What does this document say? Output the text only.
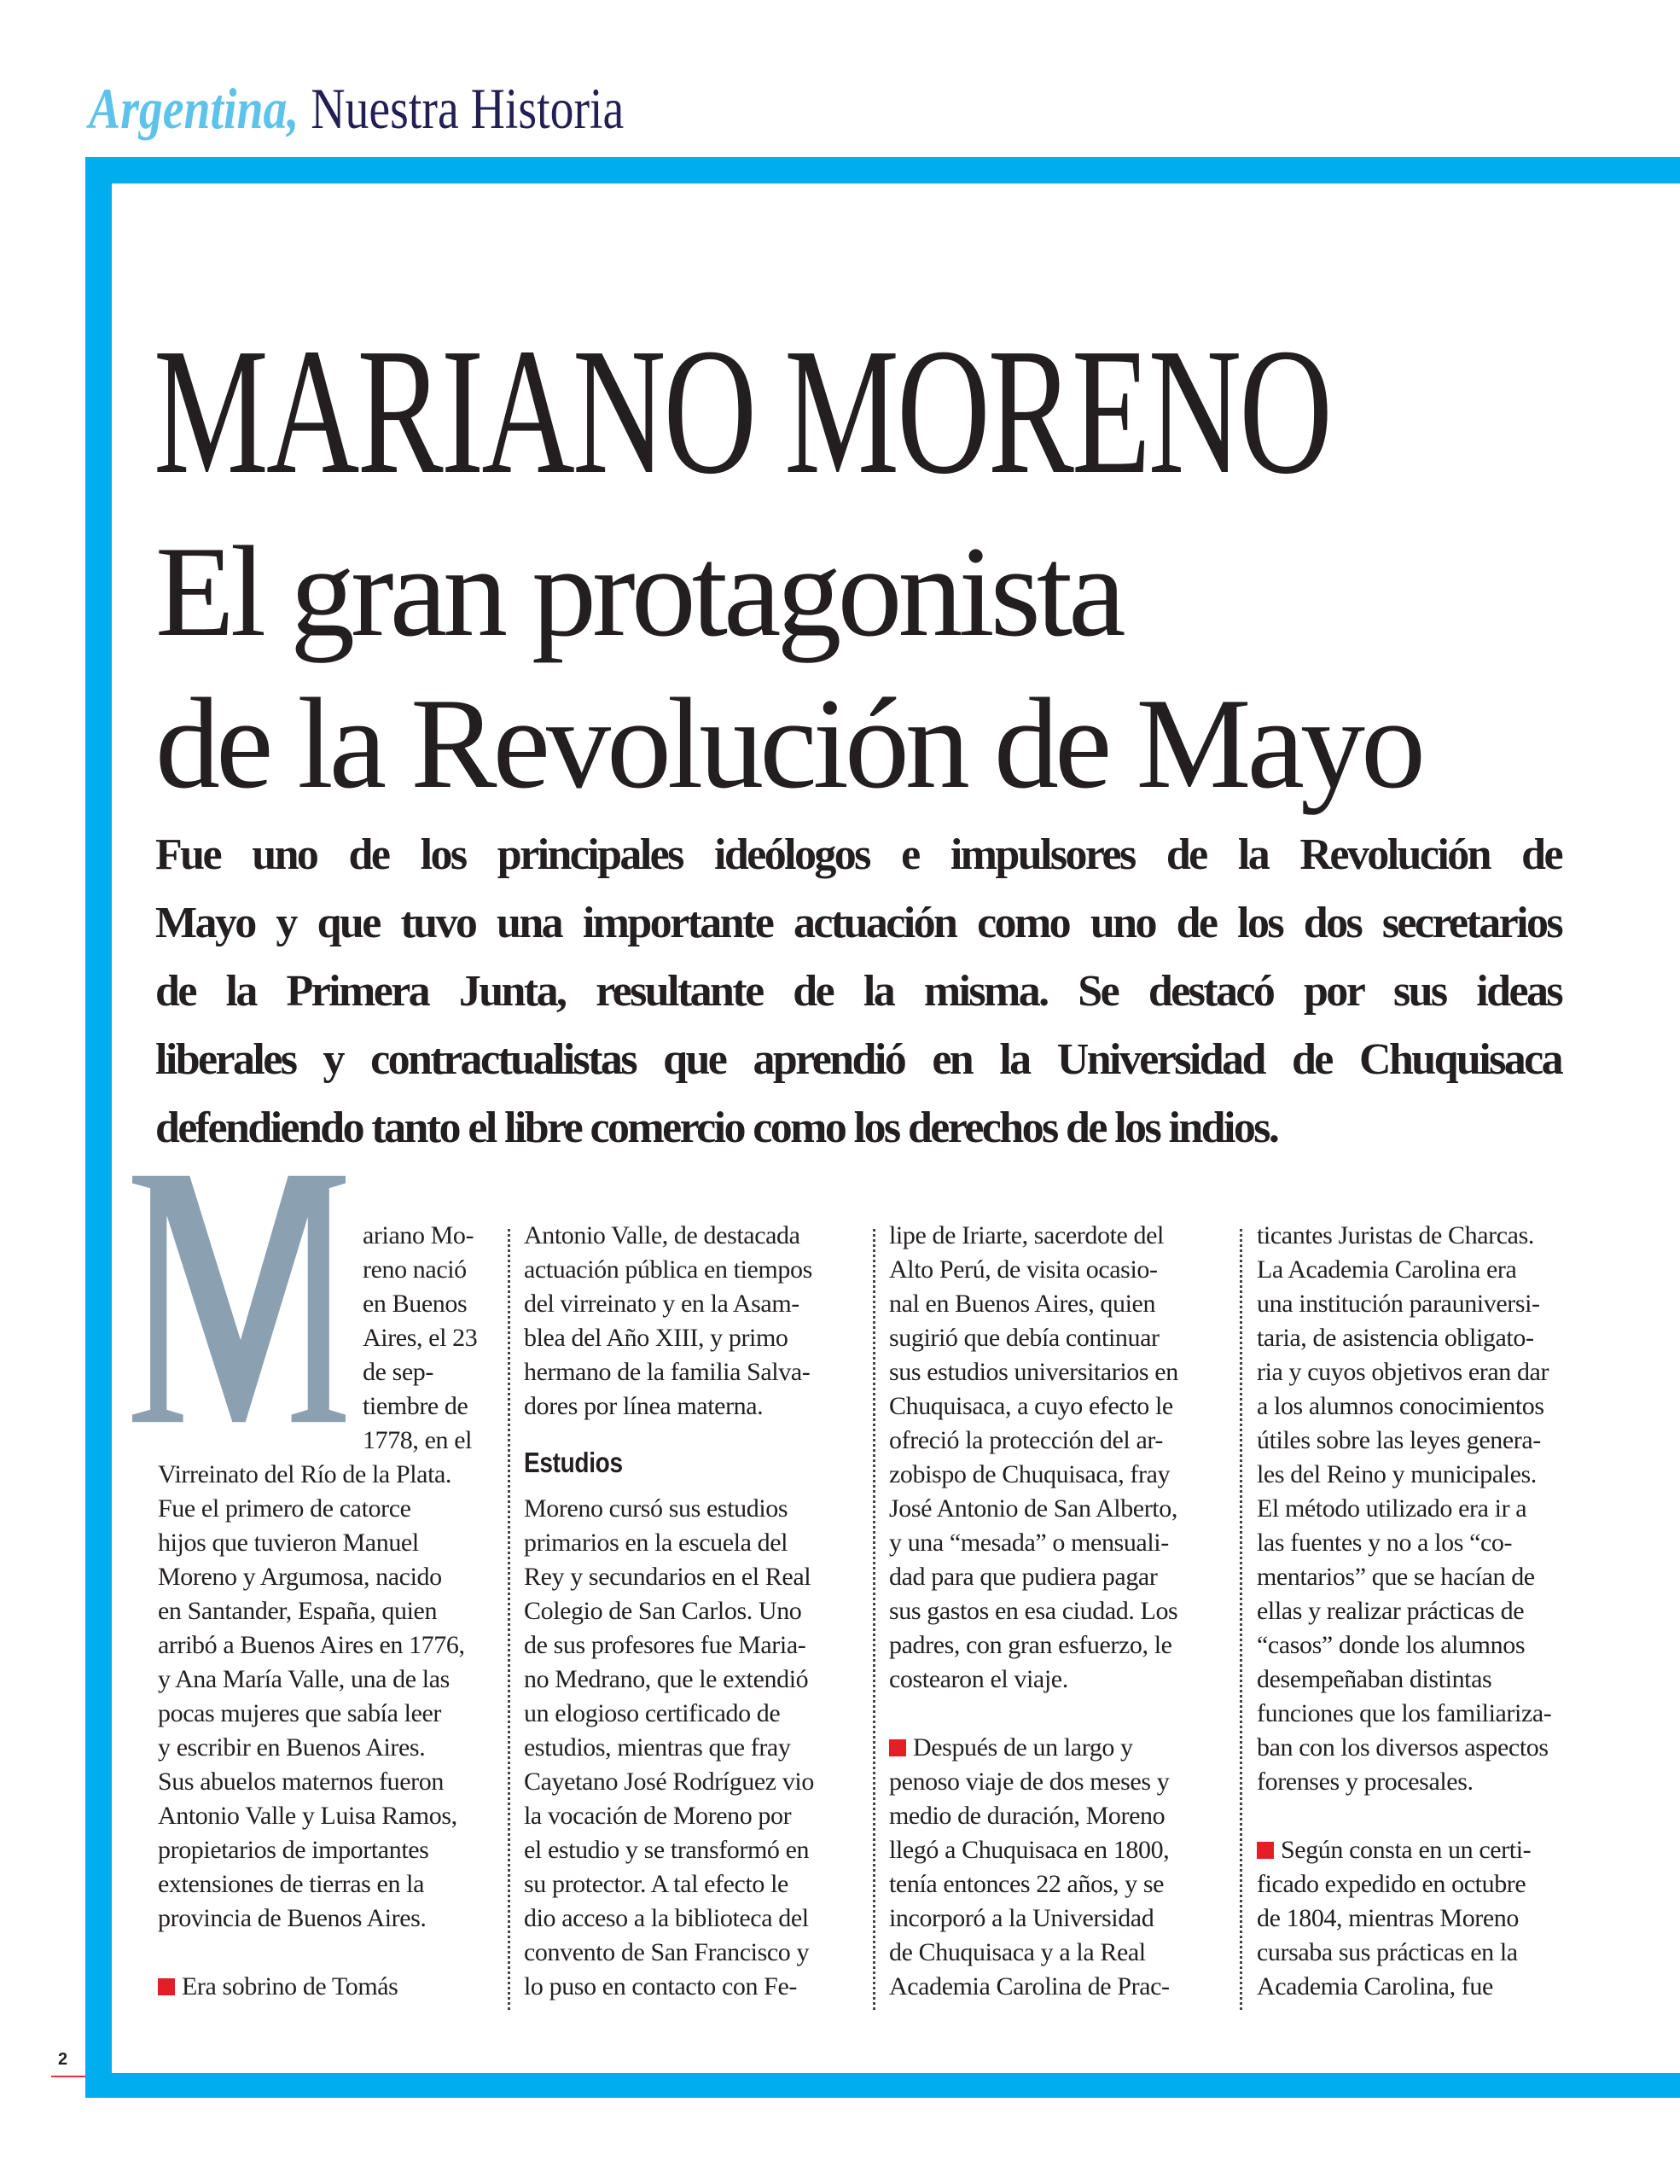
Argentina, Nuestra Historia
2
MARIANO MORENO
El gran protagonista
de la Revolución de Mayo
Fue uno de los principales ideólogos e impulsores de la Revolución de
Mayo y que tuvo una importante actuación como uno de los dos secretarios
de la Primera Junta, resultante de la misma. Se destacó por sus ideas
liberales y contractualistas que aprendió en la Universidad de Chuquisaca
defendiendo tanto el libre comercio como los derechos de los indios.
ariano Mo-
reno nació
en Buenos
Aires, el 23
de sep-
tiembre de
1778, en el
Virreinato del Río de la Plata.
Fue el primero de catorce
hijos que tuvieron Manuel
Moreno y Argumosa, nacido
en Santander, España, quien
arribó a Buenos Aires en 1776,
y Ana María Valle, una de las
pocas mujeres que sabía leer
y escribir en Buenos Aires.
Sus abuelos maternos fueron
Antonio Valle y Luisa Ramos,
propietarios de importantes
extensiones de tierras en la
provincia de Buenos Aires.
Era sobrino de Tomás
Antonio Valle, de destacada
actuación pública en tiempos
del virreinato y en la Asam-
blea del Año XIII, y primo
hermano de la familia Salva-
dores por línea materna.
Estudios
Moreno cursó sus estudios
primarios en la escuela del
Rey y secundarios en el Real
Colegio de San Carlos. Uno
de sus profesores fue Maria-
no Medrano, que le extendió
un elogioso certificado de
estudios, mientras que fray
Cayetano José Rodríguez vio
la vocación de Moreno por
el estudio y se transformó en
su protector. A tal efecto le
dio acceso a la biblioteca del
convento de San Francisco y
lo puso en contacto con Fe-
lipe de Iriarte, sacerdote del
Alto Perú, de visita ocasio-
nal en Buenos Aires, quien
sugirió que debía continuar
sus estudios universitarios en
Chuquisaca, a cuyo efecto le
ofreció la protección del ar-
zobispo de Chuquisaca, fray
José Antonio de San Alberto,
y una “mesada” o mensuali-
dad para que pudiera pagar
sus gastos en esa ciudad. Los
padres, con gran esfuerzo, le
costearon el viaje.
Después de un largo y
penoso viaje de dos meses y
medio de duración, Moreno
llegó a Chuquisaca en 1800,
tenía entonces 22 años, y se
incorporó a la Universidad
de Chuquisaca y a la Real
Academia Carolina de Prac-
ticantes Juristas de Charcas.
La Academia Carolina era
una institución parauniversi-
taria, de asistencia obligato-
ria y cuyos objetivos eran dar
a los alumnos conocimientos
útiles sobre las leyes genera-
les del Reino y municipales.
El método utilizado era ir a
las fuentes y no a los “co-
mentarios” que se hacían de
ellas y realizar prácticas de
“casos” donde los alumnos
desempeñaban distintas
funciones que los familiariza-
ban con los diversos aspectos
forenses y procesales.
Según consta en un certi-
ficado expedido en octubre
de 1804, mientras Moreno
cursaba sus prácticas en la
Academia Carolina, fue
